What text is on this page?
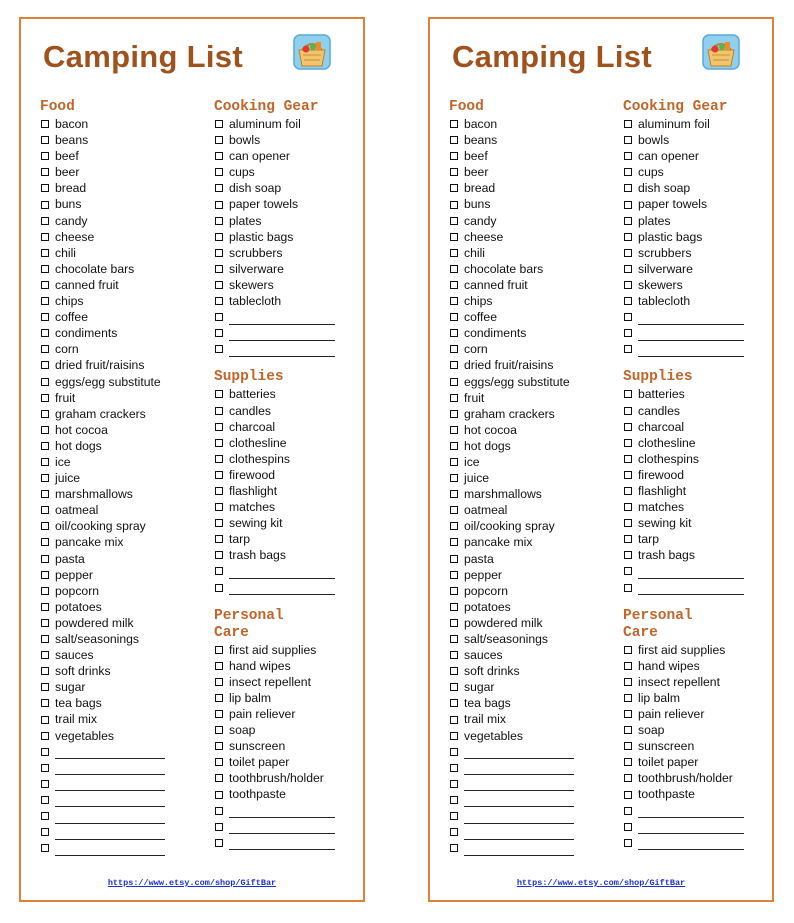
Camping List
Food
bacon
beans
beef
beer
bread
buns
candy
cheese
chili
chocolate bars
canned fruit
chips
coffee
condiments
corn
dried fruit/raisins
eggs/egg substitute
fruit
graham crackers
hot cocoa
hot dogs
ice
juice
marshmallows
oatmeal
oil/cooking spray
pancake mix
pasta
pepper
popcorn
potatoes
powdered milk
salt/seasonings
sauces
soft drinks
sugar
tea bags
trail mix
vegetables
Cooking Gear
aluminum foil
bowls
can opener
cups
dish soap
paper towels
plates
plastic bags
scrubbers
silverware
skewers
tablecloth
Supplies
batteries
candles
charcoal
clothesline
clothespins
firewood
flashlight
matches
sewing kit
tarp
trash bags
Personal Care
first aid supplies
hand wipes
insect repellent
lip balm
pain reliever
soap
sunscreen
toilet paper
toothbrush/holder
toothpaste
https://www.etsy.com/shop/GiftBar
Camping List
Food
bacon
beans
beef
beer
bread
buns
candy
cheese
chili
chocolate bars
canned fruit
chips
coffee
condiments
corn
dried fruit/raisins
eggs/egg substitute
fruit
graham crackers
hot cocoa
hot dogs
ice
juice
marshmallows
oatmeal
oil/cooking spray
pancake mix
pasta
pepper
popcorn
potatoes
powdered milk
salt/seasonings
sauces
soft drinks
sugar
tea bags
trail mix
vegetables
Cooking Gear
aluminum foil
bowls
can opener
cups
dish soap
paper towels
plates
plastic bags
scrubbers
silverware
skewers
tablecloth
Supplies
batteries
candles
charcoal
clothesline
clothespins
firewood
flashlight
matches
sewing kit
tarp
trash bags
Personal Care
first aid supplies
hand wipes
insect repellent
lip balm
pain reliever
soap
sunscreen
toilet paper
toothbrush/holder
toothpaste
https://www.etsy.com/shop/GiftBar
